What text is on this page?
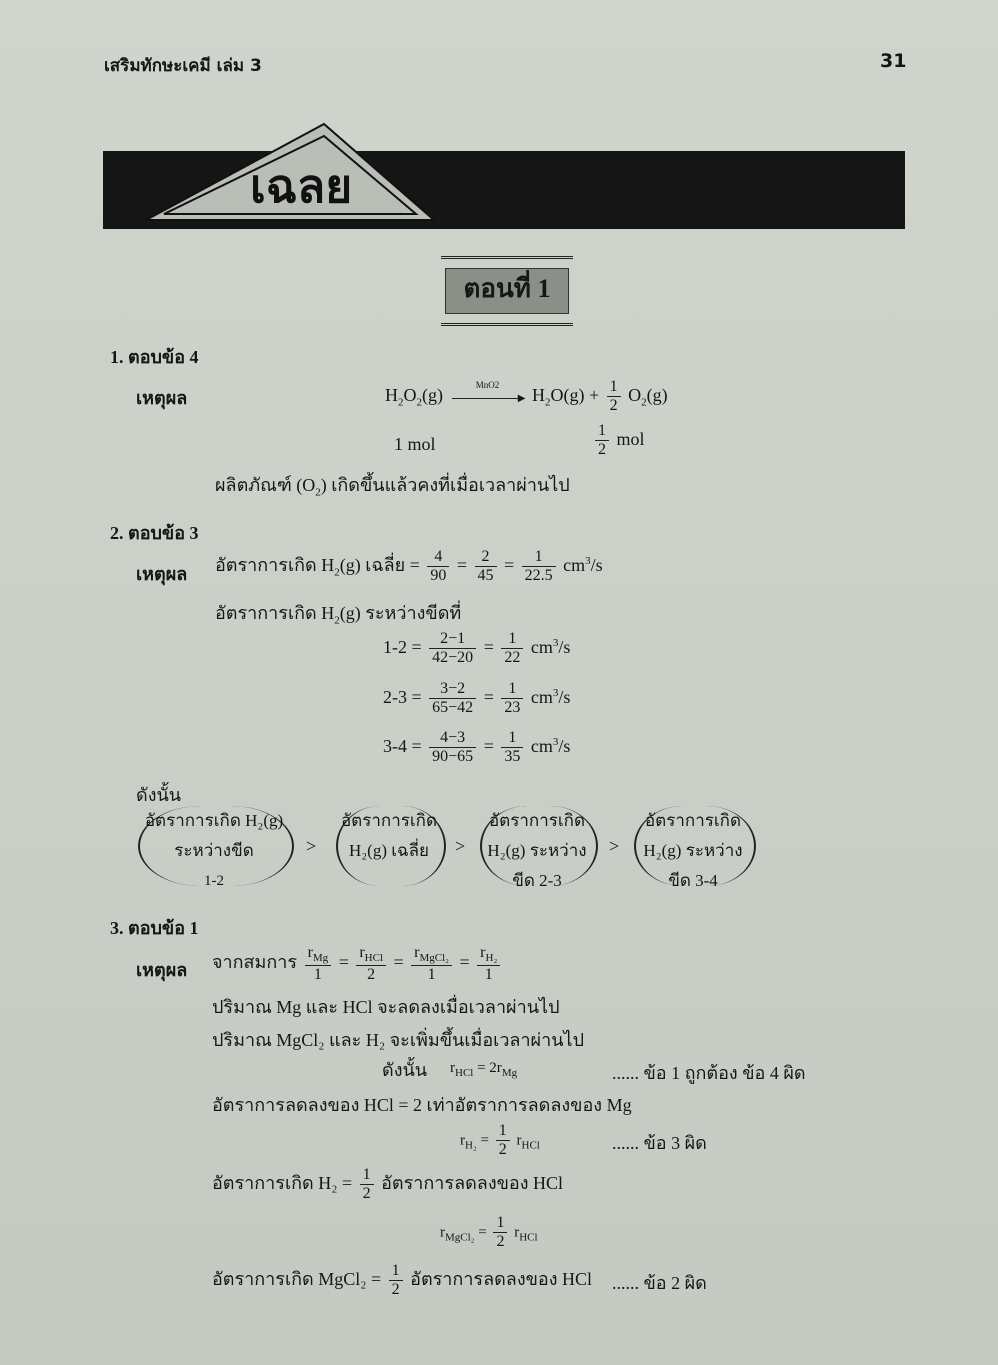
เสริมทักษะเคมี เล่ม 3	31
เฉลย
ตอนที่ 1
1. ตอบข้อ 4
เหตุผล	$H_2O_2(g)$
MnO2
▶ $H_2O(g) + \frac{1}{2} O_2(g)$
1 mol	$\frac{1}{2}$ mol
ผลิตภัณฑ์ $(O_2)$ เกิดขึ้นแล้วคงที่เมื่อเวลาผ่านไป
2. ตอบข้อ 3
เหตุผล อัตราการเกิด $H_2(g)$ เฉลี่ย = $\frac{4}{90} = \frac{2}{45} = \frac{1}{22.5} cm^3/s$
อัตราการเกิด $H_2(g)$ ระหว่างขีดที่
$1-2 = \frac{2-1}{42-20} = \frac{1}{22} cm^3/s$
$2-3 = \frac{3-2}{65-42} = \frac{1}{23} cm^3/s$
$3-4 = \frac{4-3}{90-65} = \frac{1}{35} cm^3/s$
ดังนั้น
อัตราการเกิด H₂(g)
ระหว่างขีด
1-2
>
อัตราการเกิด
H₂(g) เฉลี่ย	>
อัตราการเกิด
H₂(g) ระหว่าง
ขีด 2-3
>
อัตราการเกิด
H₂(g) ระหว่าง
ขีด 3-4
3. ตอบข้อ 1
เหตุผล จากสมการ $\frac{r_{Mg}}{1} = \frac{r_{HCl}}{2} = \frac{r_{MgCl_2}}{1} = \frac{r_{H_2}}{1}$
ปริมาณ Mg และ HCl จะลดลงเมื่อเวลาผ่านไป
ปริมาณ MgCl₂ และ H₂ จะเพิ่มขึ้นเมื่อเวลาผ่านไป
ดังนั้น $r_{HCl} = 2r_{Mg}$	...... ข้อ 1 ถูกต้อง ข้อ 4 ผิด
อัตราการลดลงของ HCl = 2 เท่าอัตราการลดลงของ Mg
$r_{H_2} = \frac{1}{2} r_{HCl}$	...... ข้อ 3 ผิด
อัตราการเกิด $H_2 = \frac{1}{2}$ อัตราการลดลงของ HCl
$r_{MgCl_2} = \frac{1}{2} r_{HCl}$
อัตราการเกิด MgCl₂ = $\frac{1}{2}$ อัตราการลดลงของ HCl ...... ข้อ 2 ผิด
